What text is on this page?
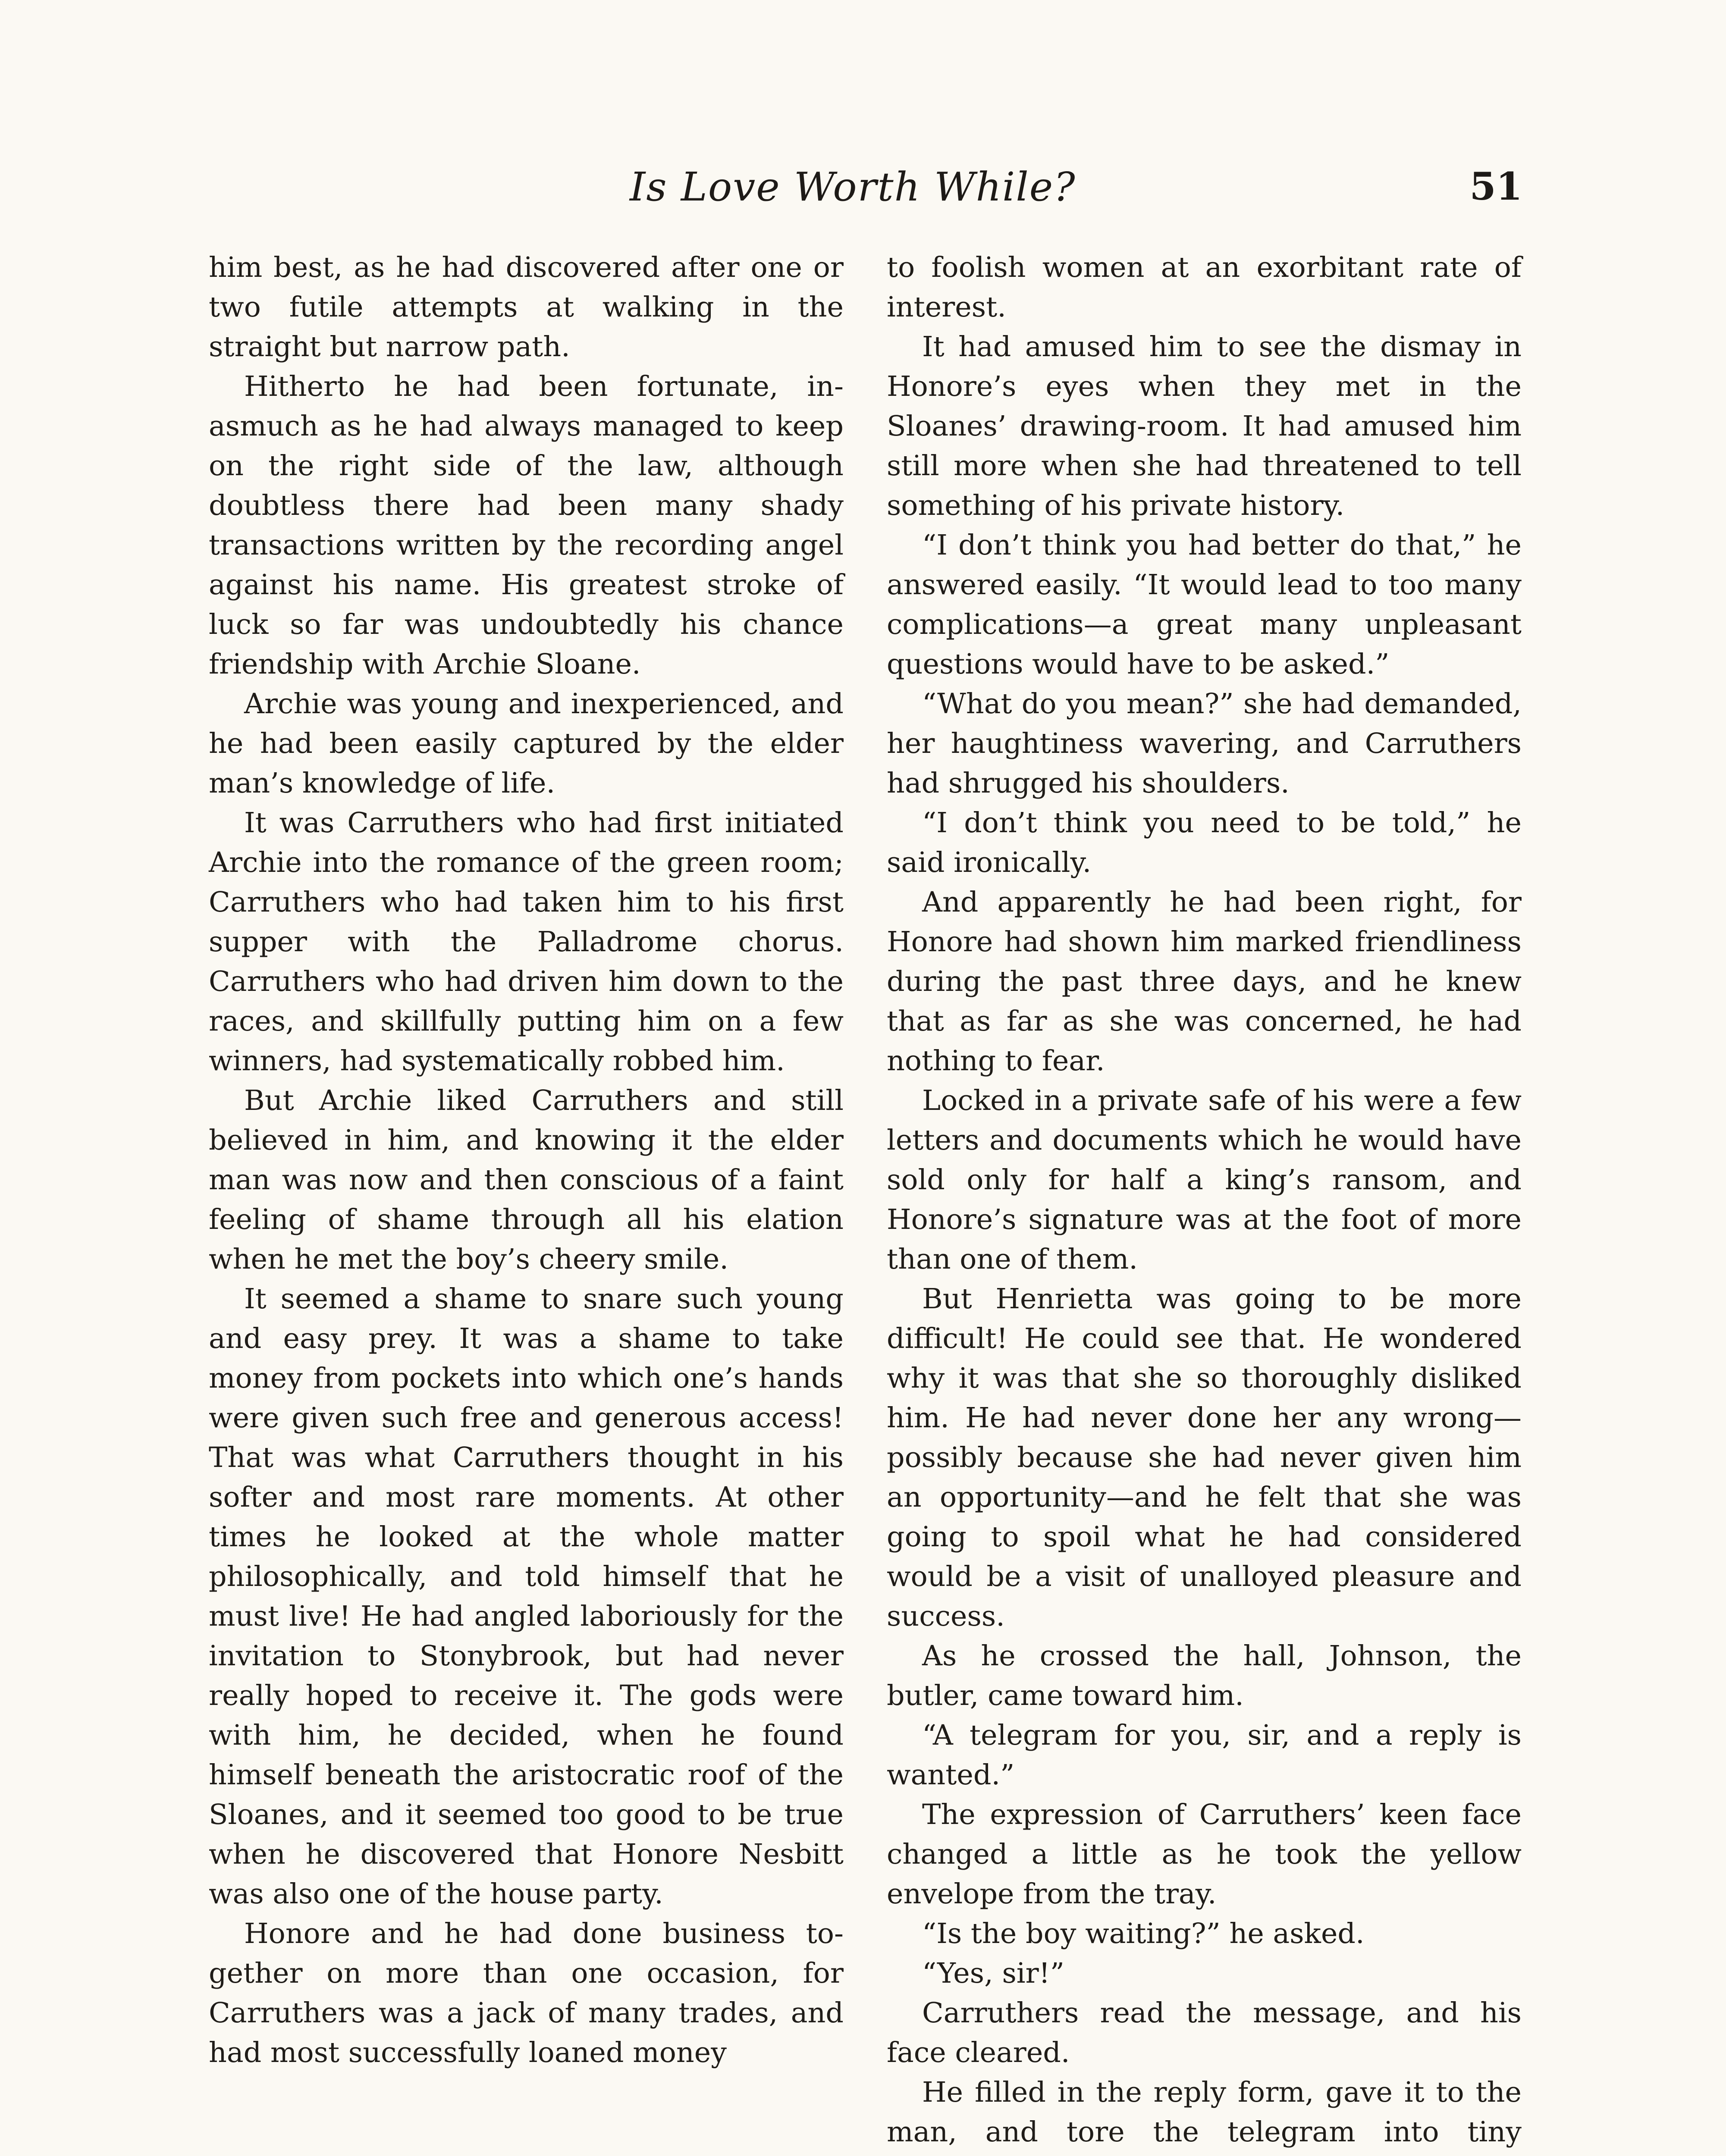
Is Love Worth While?	51

him best, as he had discovered after one or two futile attempts at walking in the straight but narrow path.

Hitherto he had been fortunate, inasmuch as he had always managed to keep on the right side of the law, although doubtless there had been many shady transactions written by the recording angel against his name. His greatest stroke of luck so far was undoubtedly his chance friendship with Archie Sloane.

Archie was young and inexperienced, and he had been easily captured by the elder man’s knowledge of life.

It was Carruthers who had first initiated Archie into the romance of the green room; Carruthers who had taken him to his first supper with the Palladrome chorus. Carruthers who had driven him down to the races, and skillfully putting him on a few winners, had systematically robbed him.

But Archie liked Carruthers and still believed in him, and knowing it the elder man was now and then conscious of a faint feeling of shame through all his elation when he met the boy’s cheery smile.

It seemed a shame to snare such young and easy prey. It was a shame to take money from pockets into which one’s hands were given such free and generous access! That was what Carruthers thought in his softer and most rare moments. At other times he looked at the whole matter philosophically, and told himself that he must live! He had angled laboriously for the invitation to Stonybrook, but had never really hoped to receive it. The gods were with him, he decided, when he found himself beneath the aristocratic roof of the Sloanes, and it seemed too good to be true when he discovered that Honore Nesbitt was also one of the house party.

Honore and he had done business together on more than one occasion, for Carruthers was a jack of many trades, and had most successfully loaned money

to foolish women at an exorbitant rate of interest.

It had amused him to see the dismay in Honore’s eyes when they met in the Sloanes’ drawing-room. It had amused him still more when she had threatened to tell something of his private history.

“I don’t think you had better do that,” he answered easily. “It would lead to too many complications—a great many unpleasant questions would have to be asked.”

“What do you mean?” she had demanded, her haughtiness wavering, and Carruthers had shrugged his shoulders.

“I don’t think you need to be told,” he said ironically.

And apparently he had been right, for Honore had shown him marked friendliness during the past three days, and he knew that as far as she was concerned, he had nothing to fear.

Locked in a private safe of his were a few letters and documents which he would have sold only for half a king’s ransom, and Honore’s signature was at the foot of more than one of them.

But Henrietta was going to be more difficult! He could see that. He wondered why it was that she so thoroughly disliked him. He had never done her any wrong—possibly because she had never given him an opportunity—and he felt that she was going to spoil what he had considered would be a visit of unalloyed pleasure and success.

As he crossed the hall, Johnson, the butler, came toward him.

“A telegram for you, sir, and a reply is wanted.”

The expression of Carruthers’ keen face changed a little as he took the yellow envelope from the tray.

“Is the boy waiting?” he asked.

“Yes, sir!”

Carruthers read the message, and his face cleared.

He filled in the reply form, gave it to the man, and tore the telegram into tiny
